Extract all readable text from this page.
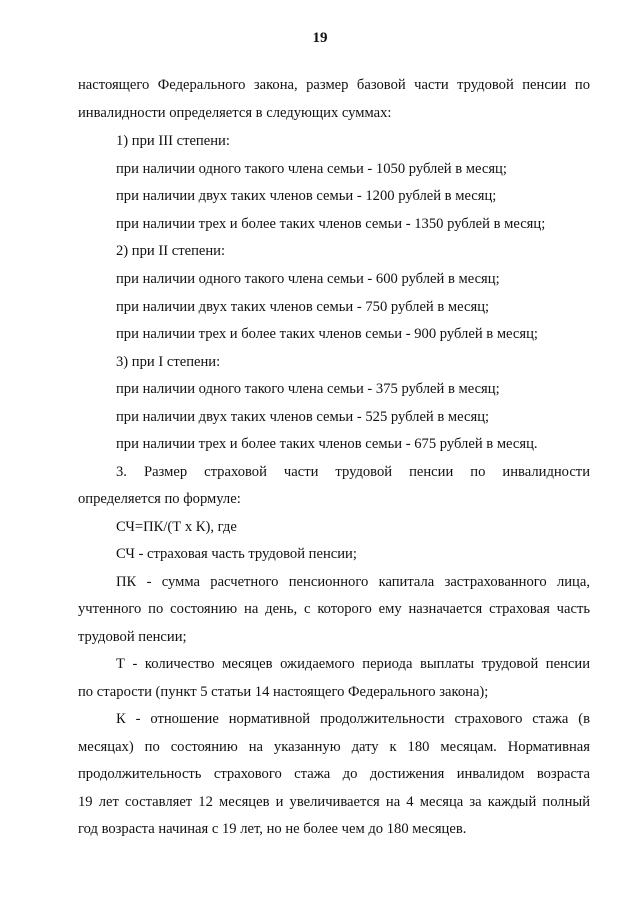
19
настоящего Федерального закона, размер базовой части трудовой пенсии по
инвалидности определяется в следующих суммах:
1) при III степени:
при наличии одного такого члена семьи - 1050 рублей в месяц;
при наличии двух таких членов семьи - 1200 рублей в месяц;
при наличии трех и более таких членов семьи - 1350 рублей в месяц;
2) при II степени:
при наличии одного такого члена семьи - 600 рублей в месяц;
при наличии двух таких членов семьи - 750 рублей в месяц;
при наличии трех и более таких членов семьи - 900 рублей в месяц;
3) при I степени:
при наличии одного такого члена семьи - 375 рублей в месяц;
при наличии двух таких членов семьи - 525 рублей в месяц;
при наличии трех и более таких членов семьи - 675 рублей в месяц.
3. Размер страховой части трудовой пенсии по инвалидности
определяется по формуле:
СЧ=ПК/(Т х К), где
СЧ - страховая часть трудовой пенсии;
ПК - сумма расчетного пенсионного капитала застрахованного лица,
учтенного по состоянию на день, с которого ему назначается страховая часть
трудовой пенсии;
Т - количество месяцев ожидаемого периода выплаты трудовой пенсии
по старости (пункт 5 статьи 14 настоящего Федерального закона);
К - отношение нормативной продолжительности страхового стажа (в
месяцах) по состоянию на указанную дату к 180 месяцам. Нормативная
продолжительность страхового стажа до достижения инвалидом возраста
19 лет составляет 12 месяцев и увеличивается на 4 месяца за каждый полный
год возраста начиная с 19 лет, но не более чем до 180 месяцев.
